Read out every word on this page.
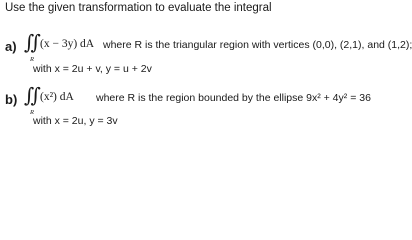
Use the given transformation to evaluate the integral
a) ∬
R
(x − 3y) dA where R is the triangular region with vertices (0,0), (2,1), and (1,2);
with x = 2u + v, y = u + 2v
b) ∬
R
(x²) dA where R is the region bounded by the ellipse 9x² + 4y² = 36
with x = 2u, y = 3v
